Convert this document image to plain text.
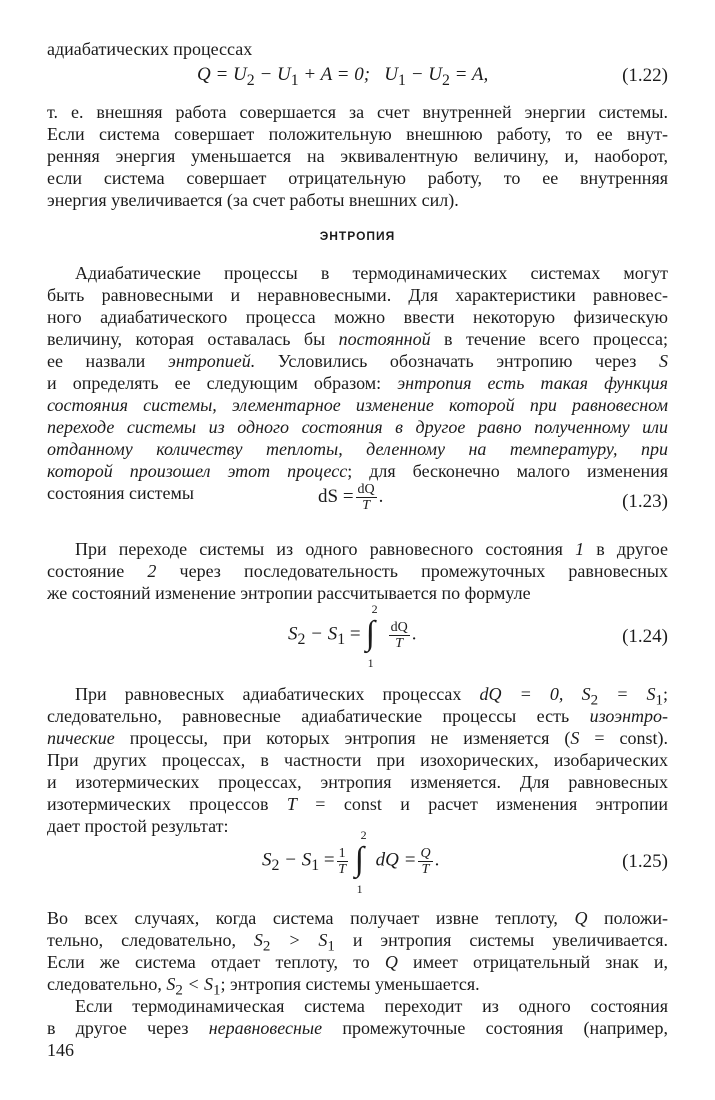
адиабатических процессах
$Q = U_2 - U_1 + A = 0$; $U_1 - U_2 = A$,	(1.22)
т. е. внешняя работа совершается за счет внутренней энергии системы.
Если система совершает положительную внешнюю работу, то ее внут-
ренняя энергия уменьшается на эквивалентную величину, и, наоборот,
если система совершает отрицательную работу, то ее внутренняя
энергия увеличивается (за счет работы внешних сил).
ЭНТРОПИЯ
Адиабатические процессы в термодинамических системах могут
быть равновесными и неравновесными. Для характеристики равновес-
ного адиабатического процесса можно ввести некоторую физическую
величину, которая оставалась бы постоянной в течение всего процесса;
ее назвали энтропией. Условились обозначать энтропию через S
и определять ее следующим образом: энтропия есть такая функция
состояния системы, элементарное изменение которой при равновесном
переходе системы из одного состояния в другое равно полученному или
отданному количеству теплоты, деленному на температуру, при
которой произошел этот процесс; для бесконечно малого изменения
состояния системы	dS = $\frac{dQ}{T}$ .	(1.23)
При переходе системы из одного равновесного состояния 1 в другое
состояние 2 через последовательность промежуточных равновесных
же состояний изменение энтропии рассчитывается по формуле
$S_2 - S_1$ =
2
∫
1
$\frac{dQ}{T}$ .	(1.24)
При равновесных адиабатических процессах dQ = 0, $S_2 = S_1$;
следовательно, равновесные адиабатические процессы есть изоэнтро-
пические процессы, при которых энтропия не изменяется (S = const).
При других процессах, в частности при изохорических, изобарических
и изотермических процессах, энтропия изменяется. Для равновесных
изотермических процессов T = const и расчет изменения энтропии
дает простой результат:
$S_2 - S_1 = \frac{1}{T}$
2
∫
1
dQ = $\frac{Q}{T}$ .	(1.25)
Во всех случаях, когда система получает извне теплоту, Q положи-
тельно, следовательно, $S_2 > S_1$ и энтропия системы увеличивается.
Если же система отдает теплоту, то Q имеет отрицательный знак и,
следовательно, $S_2 < S_1$; энтропия системы уменьшается.
Если термодинамическая система переходит из одного состояния
в другое через неравновесные промежуточные состояния (например,
146
